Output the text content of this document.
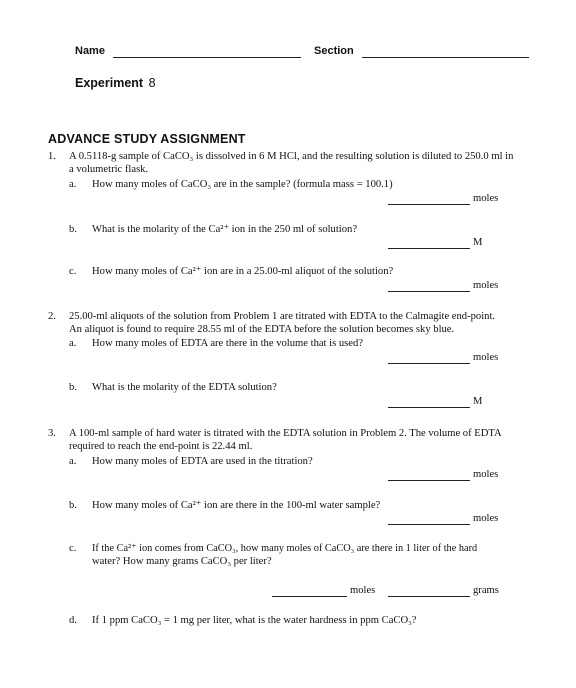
Name	Section
Experiment 8
ADVANCE STUDY ASSIGNMENT
1. A 0.5118-g sample of CaCO₃ is dissolved in 6 M HCl, and the resulting solution is diluted to 250.0 ml in
a volumetric flask.
a. How many moles of CaCO₃ are in the sample? (formula mass = 100.1)
moles
b. What is the molarity of the Ca²⁺ ion in the 250 ml of solution?
M
c. How many moles of Ca²⁺ ion are in a 25.00-ml aliquot of the solution?
moles
2. 25.00-ml aliquots of the solution from Problem 1 are titrated with EDTA to the Calmagite end-point.
An aliquot is found to require 28.55 ml of the EDTA before the solution becomes sky blue.
a. How many moles of EDTA are there in the volume that is used?
moles
b. What is the molarity of the EDTA solution?
M
3. A 100-ml sample of hard water is titrated with the EDTA solution in Problem 2. The volume of EDTA
required to reach the end-point is 22.44 ml.
a. How many moles of EDTA are used in the titration?
moles
b. How many moles of Ca²⁺ ion are there in the 100-ml water sample?
moles
c. If the Ca²⁺ ion comes from CaCO₃, how many moles of CaCO₃ are there in 1 liter of the hard
water? How many grams CaCO₃ per liter?
moles	grams
d. If 1 ppm CaCO₃ = 1 mg per liter, what is the water hardness in ppm CaCO₃?
